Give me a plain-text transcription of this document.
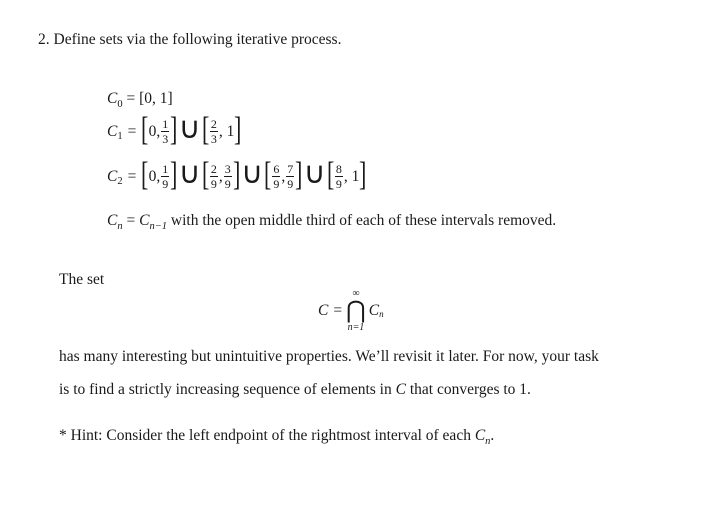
2. Define sets via the following iterative process.
$C_0 = [0$, 1]
C 1 = [ 0, $\frac{1}{3}$ ] ∪ [ $\frac{2}{3}$ , 1 ]
C 2 = [ 0, $\frac{1}{9}$ ] ∪ [ $\frac{2}{9}$ , $\frac{3}{9}$ ] ∪ [ $\frac{6}{9}$ , $\frac{7}{9}$ ] ∪ [ $\frac{8}{9}$ , 1 ]
$C_n = C_{n-1}$ with the open middle third of each of these intervals removed.
The set
C =
∞
⋂
n=1
C n
has many interesting but unintuitive properties. We’ll revisit it later. For now, your task
is to find a strictly increasing sequence of elements in C that converges to 1.
* Hint: Consider the left endpoint of the rightmost interval of each $C_n$.
